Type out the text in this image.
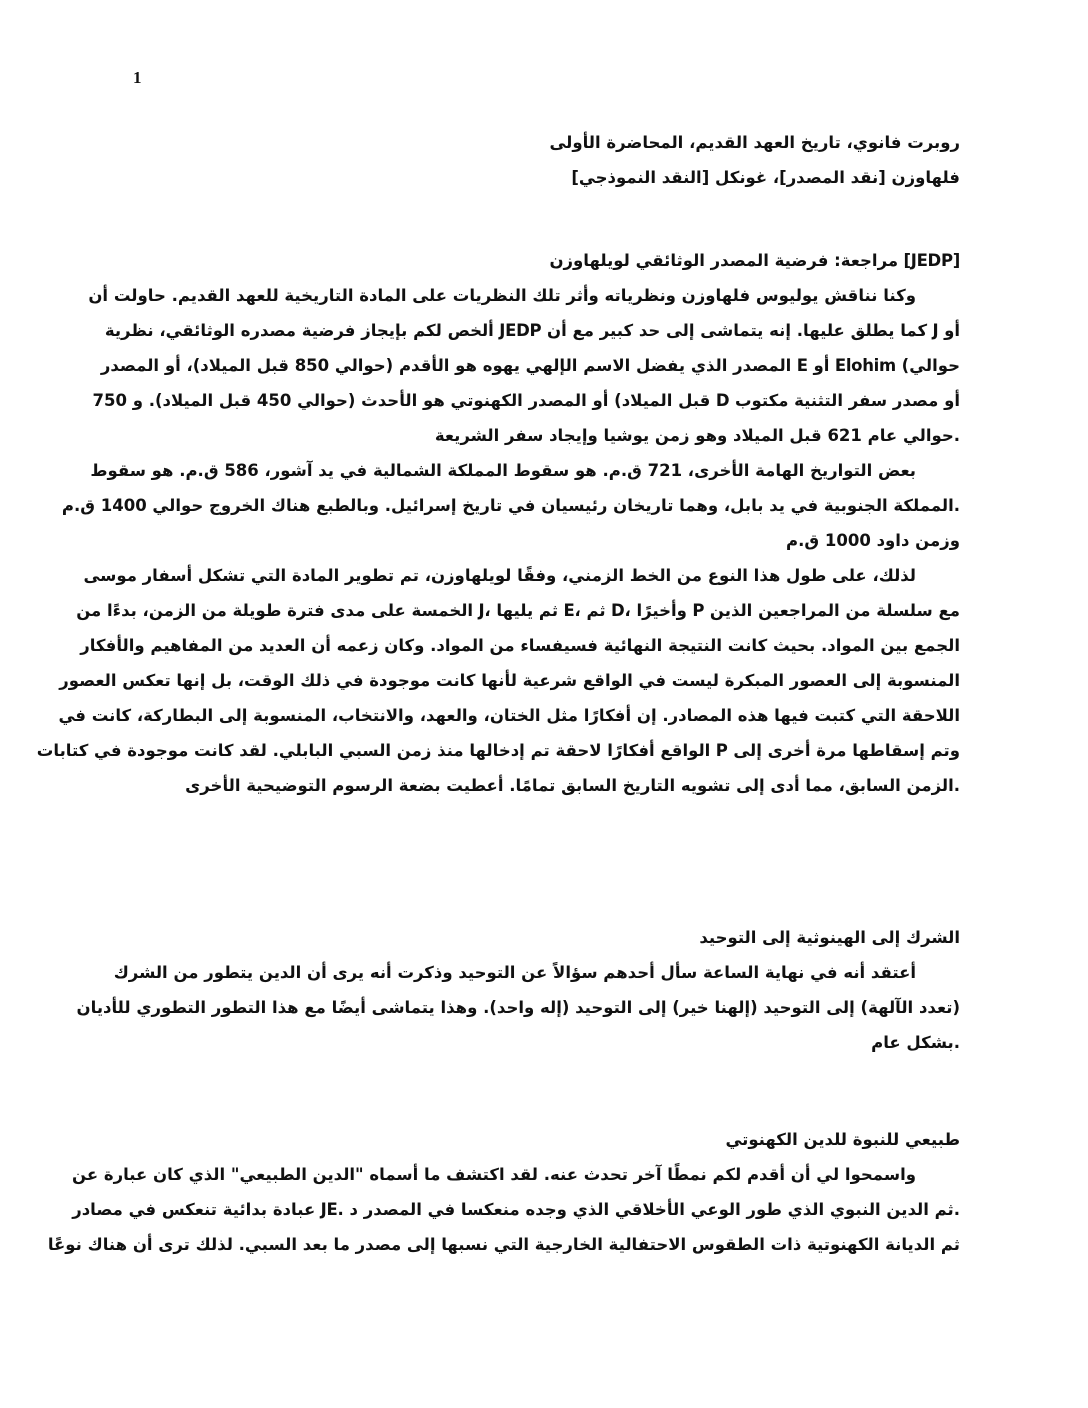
1
روبرت فانوي، تاريخ العهد القديم، المحاضرة الأولى
فلهاوزن [نقد المصدر]، غونكل [النقد النموذجي]
[JEDP] مراجعة: فرضية المصدر الوثائقي لويلهاوزن
وكنا نناقش يوليوس فلهاوزن ونظرياته وأثر تلك النظريات على المادة التاريخية للعهد القديم. حاولت أن
أو J كما يطلق عليها. إنه يتماشى إلى حد كبير مع أن JEDP ألخص لكم بإيجاز فرضية مصدره الوثائقي، نظرية
حوالي) Elohim أو E المصدر الذي يفضل الاسم الإلهي يهوه هو الأقدم (حوالي 850 قبل الميلاد)، أو المصدر
أو مصدر سفر التثنية مكتوب D قبل الميلاد) أو المصدر الكهنوتي هو الأحدث (حوالي 450 قبل الميلاد). و 750
.حوالي عام 621 قبل الميلاد وهو زمن يوشيا وإيجاد سفر الشريعة
بعض التواريخ الهامة الأخرى، 721 ق.م. هو سقوط المملكة الشمالية في يد آشور، 586 ق.م. هو سقوط
.المملكة الجنوبية في يد بابل، وهما تاريخان رئيسيان في تاريخ إسرائيل. وبالطبع هناك الخروج حوالي 1400 ق.م
وزمن داود 1000 ق.م
لذلك، على طول هذا النوع من الخط الزمني، وفقًا لويلهاوزن، تم تطوير المادة التي تشكل أسفار موسى
مع سلسلة من المراجعين الذين P وأخيرًا ،D ثم ،E ثم يليها ،J الخمسة على مدى فترة طويلة من الزمن، بدءًا من
الجمع بين المواد. بحيث كانت النتيجة النهائية فسيفساء من المواد. وكان زعمه أن العديد من المفاهيم والأفكار
المنسوبة إلى العصور المبكرة ليست في الواقع شرعية لأنها كانت موجودة في ذلك الوقت، بل إنها تعكس العصور
اللاحقة التي كتبت فيها هذه المصادر. إن أفكارًا مثل الختان، والعهد، والانتخاب، المنسوبة إلى البطاركة، كانت في
وتم إسقاطها مرة أخرى إلى P الواقع أفكارًا لاحقة تم إدخالها منذ زمن السبي البابلي. لقد كانت موجودة في كتابات
.الزمن السابق، مما أدى إلى تشويه التاريخ السابق تمامًا. أعطيت بضعة الرسوم التوضيحية الأخرى
الشرك إلى الهينوثية إلى التوحيد
أعتقد أنه في نهاية الساعة سأل أحدهم سؤالاً عن التوحيد وذكرت أنه يرى أن الدين يتطور من الشرك
(تعدد الآلهة) إلى التوحيد (إلهنا خير) إلى التوحيد (إله واحد). وهذا يتماشى أيضًا مع هذا التطور التطوري للأديان
.بشكل عام
طبيعي للنبوة للدين الكهنوتي
واسمحوا لي أن أقدم لكم نمطًا آخر تحدث عنه. لقد اكتشف ما أسماه "الدين الطبيعي" الذي كان عبارة عن
.ثم الدين النبوي الذي طور الوعي الأخلاقي الذي وجده منعكسا في المصدر د .JE عبادة بدائية تنعكس في مصادر
ثم الديانة الكهنوتية ذات الطقوس الاحتفالية الخارجية التي نسبها إلى مصدر ما بعد السبي. لذلك ترى أن هناك نوعًا
